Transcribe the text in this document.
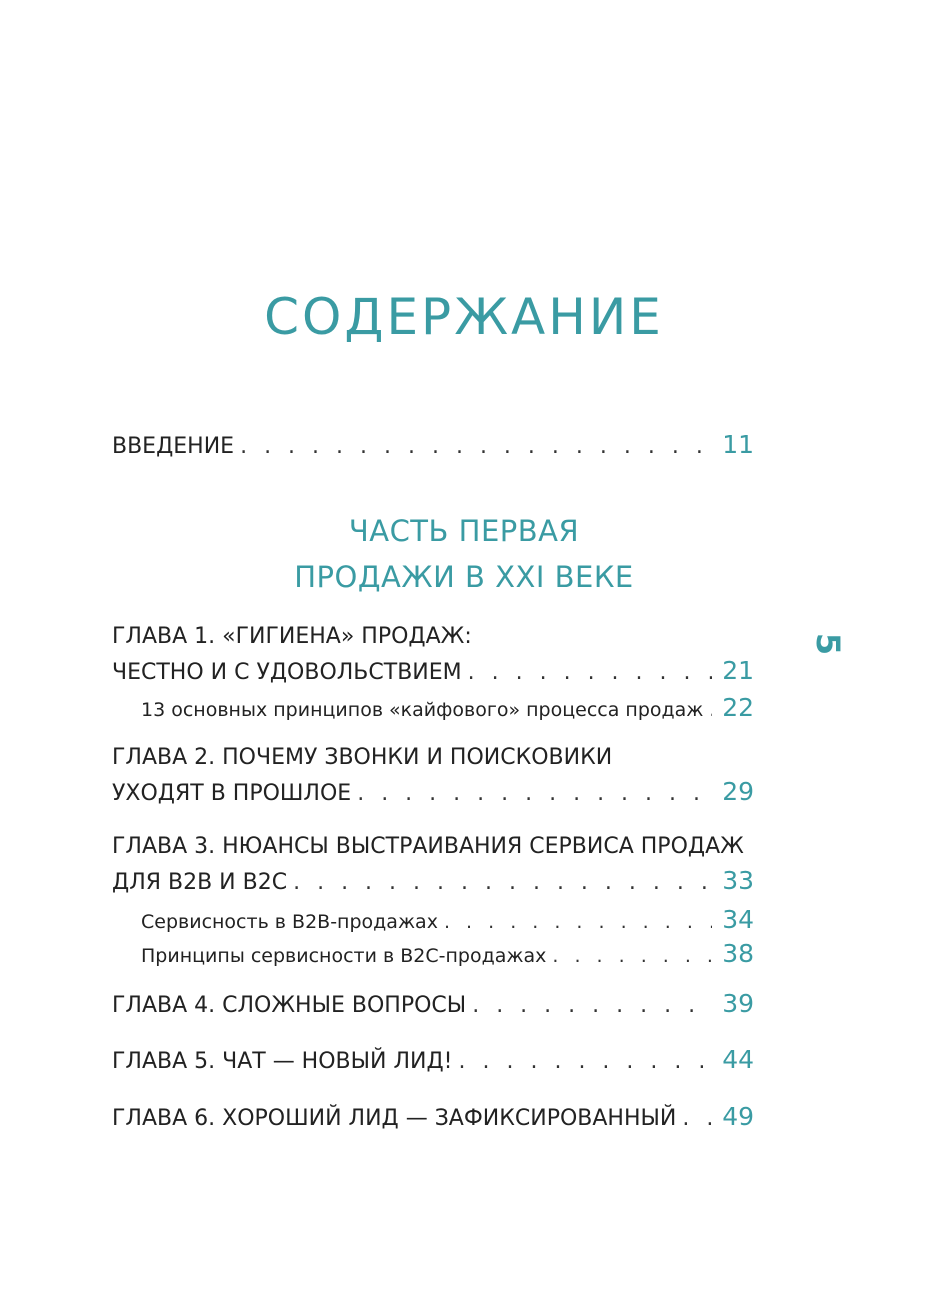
СОДЕРЖАНИЕ
5
ВВЕДЕНИЕ . . .	11
ЧАСТЬ ПЕРВАЯ
ПРОДАЖИ В XXI ВЕКЕ
ГЛАВА 1. «ГИГИЕНА» ПРОДАЖ:
ЧЕСТНО И С УДОВОЛЬСТВИЕМ . . .	21
13 основных принципов «кайфового» процесса продаж . . . 22
ГЛАВА 2. ПОЧЕМУ ЗВОНКИ И ПОИСКОВИКИ
УХОДЯТ В ПРОШЛОЕ . . .	29
ГЛАВА 3. НЮАНСЫ ВЫСТРАИВАНИЯ СЕРВИСА ПРОДАЖ
ДЛЯ B2B И B2C . . .	33
Сервисность в B2B-продажах . . .	34
Принципы сервисности в B2C-продажах . . .	38
ГЛАВА 4. СЛОЖНЫЕ ВОПРОСЫ . . .	39
ГЛАВА 5. ЧАТ — НОВЫЙ ЛИД! . . .	44
ГЛАВА 6. ХОРОШИЙ ЛИД — ЗАФИКСИРОВАННЫЙ . . . 49
